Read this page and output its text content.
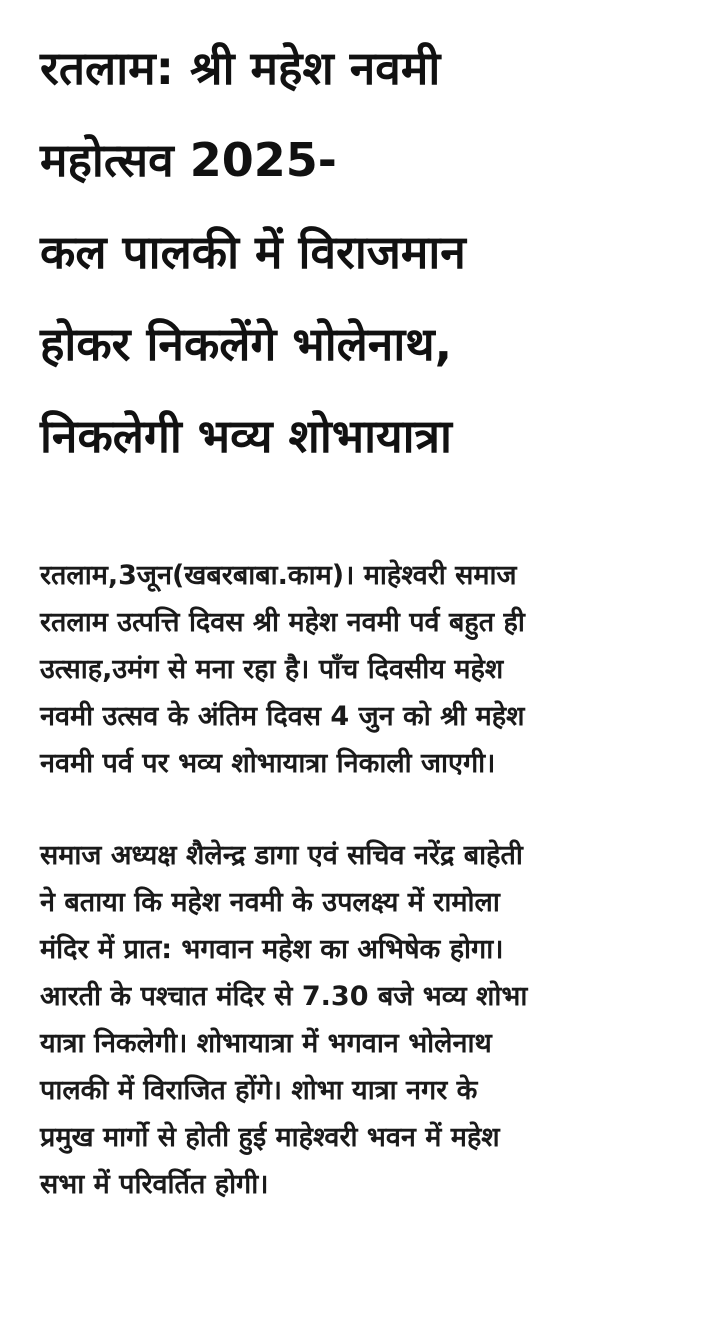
रतलाम: श्री महेश नवमी
महोत्सव 2025-
कल पालकी में विराजमान
होकर निकलेंगे भोलेनाथ,
निकलेगी भव्य शोभायात्रा

रतलाम,3जून(खबरबाबा.काम)। माहेश्वरी समाज
रतलाम उत्पत्ति दिवस श्री महेश नवमी पर्व बहुत ही
उत्साह,उमंग से मना रहा है। पाँच दिवसीय महेश
नवमी उत्सव के अंतिम दिवस 4 जुन को श्री महेश
नवमी पर्व पर भव्य शोभायात्रा निकाली जाएगी।

समाज अध्यक्ष शैलेन्द्र डागा एवं सचिव नरेंद्र बाहेती
ने बताया कि महेश नवमी के उपलक्ष्य में रामोला
मंदिर में प्रात: भगवान महेश का अभिषेक होगा।
आरती के पश्चात मंदिर से 7.30 बजे भव्य शोभा
यात्रा निकलेगी। शोभायात्रा में भगवान भोलेनाथ
पालकी में विराजित होंगे। शोभा यात्रा नगर के
प्रमुख मार्गो से होती हुई माहेश्वरी भवन में महेश
सभा में परिवर्तित होगी।
